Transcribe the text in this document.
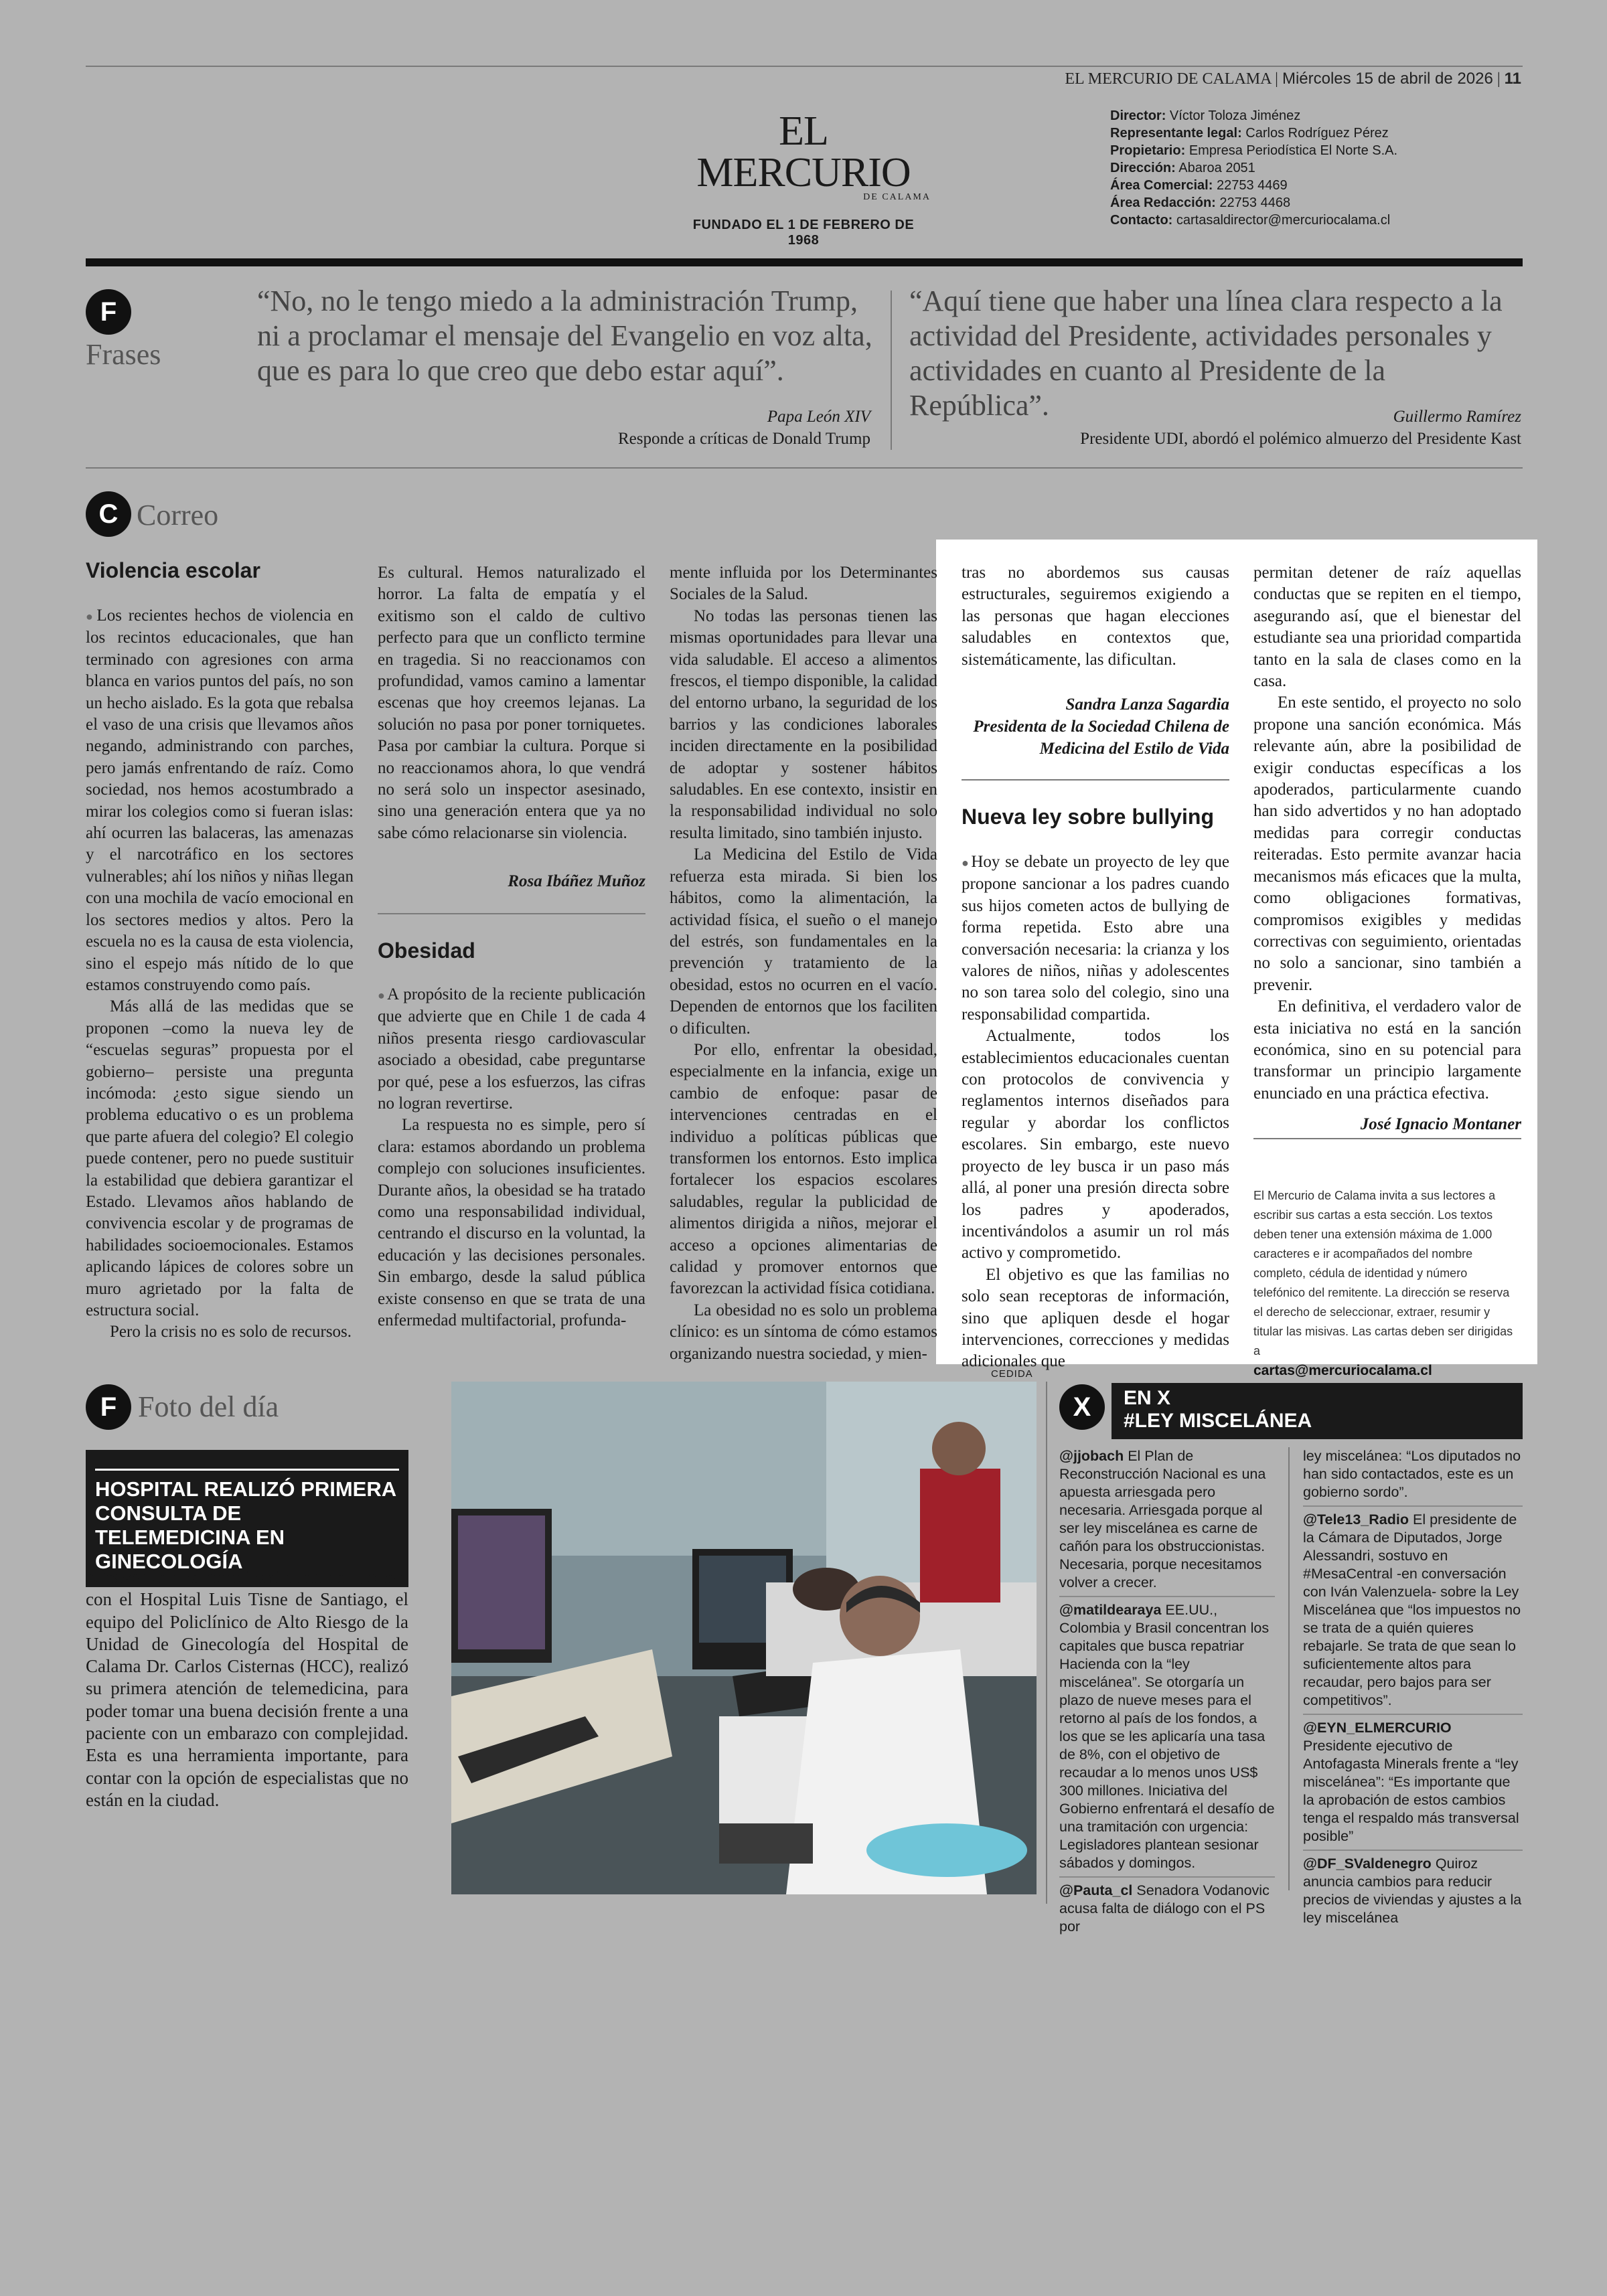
EL MERCURIO DE CALAMA | Miércoles 15 de abril de 2026 | 11
EL MERCURIO
DE CALAMA
FUNDADO EL 1 DE FEBRERO DE 1968
Director: Víctor Toloza Jiménez
Representante legal: Carlos Rodríguez Pérez
Propietario: Empresa Periodística El Norte S.A.
Dirección: Abaroa 2051
Área Comercial: 22753 4469
Área Redacción: 22753 4468
Contacto: cartasaldirector@mercuriocalama.cl
F
Frases
“No, no le tengo miedo a la administración Trump, ni a proclamar el mensaje del Evangelio en voz alta, que es para lo que creo que debo estar aquí”.
Papa León XIV
Responde a críticas de Donald Trump
“Aquí tiene que haber una línea clara respecto a la actividad del Presidente, actividades personales y actividades en cuanto al Presidente de la República”.	Guillermo Ramírez
Presidente UDI, abordó el polémico almuerzo del Presidente Kast
C Correo
Violencia escolar

● Los recientes hechos de violencia en los recintos educacionales, que han terminado con agresiones con arma blanca en varios puntos del país, no son un hecho aislado. Es la gota que rebalsa el vaso de una crisis que llevamos años negando, administrando con parches, pero jamás enfrentando de raíz. Como sociedad, nos hemos acostumbrado a mirar los colegios como si fueran islas: ahí ocurren las balaceras, las amenazas y el narcotráfico en los sectores vulnerables; ahí los niños y niñas llegan con una mochila de vacío emocional en los sectores medios y altos. Pero la escuela no es la causa de esta violencia, sino el espejo más nítido de lo que estamos construyendo como país.

Más allá de las medidas que se proponen –como la nueva ley de “escuelas seguras” propuesta por el gobierno– persiste una pregunta incómoda: ¿esto sigue siendo un problema educativo o es un problema que parte afuera del colegio? El colegio puede contener, pero no puede sustituir la estabilidad que debiera garantizar el Estado. Llevamos años hablando de convivencia escolar y de programas de habilidades socioemocionales. Estamos aplicando lápices de colores sobre un muro agrietado por la falta de estructura social.

Pero la crisis no es solo de recursos.

Es cultural. Hemos naturalizado el horror. La falta de empatía y el exitismo son el caldo de cultivo perfecto para que un conflicto termine en tragedia. Si no reaccionamos con profundidad, vamos camino a lamentar escenas que hoy creemos lejanas. La solución no pasa por poner torniquetes. Pasa por cambiar la cultura. Porque si no reaccionamos ahora, lo que vendrá no será solo un inspector asesinado, sino una generación entera que ya no sabe cómo relacionarse sin violencia.

Rosa Ibáñez Muñoz

Obesidad

● A propósito de la reciente publicación que advierte que en Chile 1 de cada 4 niños presenta riesgo cardiovascular asociado a obesidad, cabe preguntarse por qué, pese a los esfuerzos, las cifras no logran revertirse.

La respuesta no es simple, pero sí clara: estamos abordando un problema complejo con soluciones insuficientes. Durante años, la obesidad se ha tratado como una responsabilidad individual, centrando el discurso en la voluntad, la educación y las decisiones personales. Sin embargo, desde la salud pública existe consenso en que se trata de una enfermedad multifactorial, profunda-

mente influida por los Determinantes Sociales de la Salud.

No todas las personas tienen las mismas oportunidades para llevar una vida saludable. El acceso a alimentos frescos, el tiempo disponible, la calidad del entorno urbano, la seguridad de los barrios y las condiciones laborales inciden directamente en la posibilidad de adoptar y sostener hábitos saludables. En ese contexto, insistir en la responsabilidad individual no solo resulta limitado, sino también injusto.

La Medicina del Estilo de Vida refuerza esta mirada. Si bien los hábitos, como la alimentación, la actividad física, el sueño o el manejo del estrés, son fundamentales en la prevención y tratamiento de la obesidad, estos no ocurren en el vacío. Dependen de entornos que los faciliten o dificulten.

Por ello, enfrentar la obesidad, especialmente en la infancia, exige un cambio de enfoque: pasar de intervenciones centradas en el individuo a políticas públicas que transformen los entornos. Esto implica fortalecer los espacios escolares saludables, regular la publicidad de alimentos dirigida a niños, mejorar el acceso a opciones alimentarias de calidad y promover entornos que favorezcan la actividad física cotidiana.

La obesidad no es solo un problema clínico: es un síntoma de cómo estamos organizando nuestra sociedad, y mien-

tras no abordemos sus causas estructurales, seguiremos exigiendo a las personas que hagan elecciones saludables en contextos que, sistemáticamente, las dificultan.

Sandra Lanza Sagardia
Presidenta de la Sociedad Chilena de Medicina del Estilo de Vida
Nueva ley sobre bullying

● Hoy se debate un proyecto de ley que propone sancionar a los padres cuando sus hijos cometen actos de bullying de forma repetida. Esto abre una conversación necesaria: la crianza y los valores de niños, niñas y adolescentes no son tarea solo del colegio, sino una responsabilidad compartida.

Actualmente, todos los establecimientos educacionales cuentan con protocolos de convivencia y reglamentos internos diseñados para regular y abordar los conflictos escolares. Sin embargo, este nuevo proyecto de ley busca ir un paso más allá, al poner una presión directa sobre los padres y apoderados, incentivándolos a asumir un rol más activo y comprometido.

El objetivo es que las familias no solo sean receptoras de información, sino que apliquen desde el hogar intervenciones, correcciones y medidas adicionales que

permitan detener de raíz aquellas conductas que se repiten en el tiempo, asegurando así, que el bienestar del estudiante sea una prioridad compartida tanto en la sala de clases como en la casa.

En este sentido, el proyecto no solo propone una sanción económica. Más relevante aún, abre la posibilidad de exigir conductas específicas a los apoderados, particularmente cuando han sido advertidos y no han adoptado medidas para corregir conductas reiteradas. Esto permite avanzar hacia mecanismos más eficaces que la multa, como obligaciones formativas, compromisos exigibles y medidas correctivas con seguimiento, orientadas no solo a sancionar, sino también a prevenir.

En definitiva, el verdadero valor de esta iniciativa no está en la sanción económica, sino en su potencial para transformar un principio largamente enunciado en una práctica efectiva.

José Ignacio Montaner

El Mercurio de Calama invita a sus lectores a escribir sus cartas a esta sección. Los textos deben tener una extensión máxima de 1.000 caracteres e ir acompañados del nombre completo, cédula de identidad y número telefónico del remitente. La dirección se reserva el derecho de seleccionar, extraer, resumir y titular las misivas. Las cartas deben ser dirigidas a
cartas@mercuriocalama.cl
F Foto del día
HOSPITAL REALIZÓ PRIMERA CONSULTA DE TELEMEDICINA EN GINECOLOGÍA
A través de una coordinación en tiempo real con el Hospital Luis Tisne de Santiago, el equipo del Policlínico de Alto Riesgo de la Unidad de Ginecología del Hospital de Calama Dr. Carlos Cisternas (HCC), realizó su primera atención de telemedicina, para poder tomar una buena decisión frente a una paciente con un embarazo con complejidad. Esta es una herramienta importante, para contar con la opción de especialistas que no están en la ciudad.
CEDIDA
X	EN X
#LEY MISCELÁNEA
@jjobach El Plan de Reconstrucción Nacional es una apuesta arriesgada pero necesaria. Arriesgada porque al ser ley miscelánea es carne de cañón para los obstruccionistas. Necesaria, porque necesitamos volver a crecer.
@matildearaya EE.UU., Colombia y Brasil concentran los capitales que busca repatriar Hacienda con la “ley miscelánea”. Se otorgaría un plazo de nueve meses para el retorno al país de los fondos, a los que se les aplicaría una tasa de 8%, con el objetivo de recaudar a lo menos unos US$ 300 millones. Iniciativa del Gobierno enfrentará el desafío de una tramitación con urgencia: Legisladores plantean sesionar sábados y domingos.
@Pauta_cl Senadora Vodanovic acusa falta de diálogo con el PS por
ley miscelánea: “Los diputados no han sido contactados, este es un gobierno sordo”.
@Tele13_Radio El presidente de la Cámara de Diputados, Jorge Alessandri, sostuvo en #MesaCentral -en conversación con Iván Valenzuela- sobre la Ley Miscelánea que “los impuestos no se trata de a quién quieres rebajarle. Se trata de que sean lo suficientemente altos para recaudar, pero bajos para ser competitivos”.
@EYN_ELMERCURIO Presidente ejecutivo de Antofagasta Minerals frente a “ley miscelánea”: “Es importante que la aprobación de estos cambios tenga el respaldo más transversal posible”
@DF_SValdenegro Quiroz anuncia cambios para reducir precios de viviendas y ajustes a la ley miscelánea
